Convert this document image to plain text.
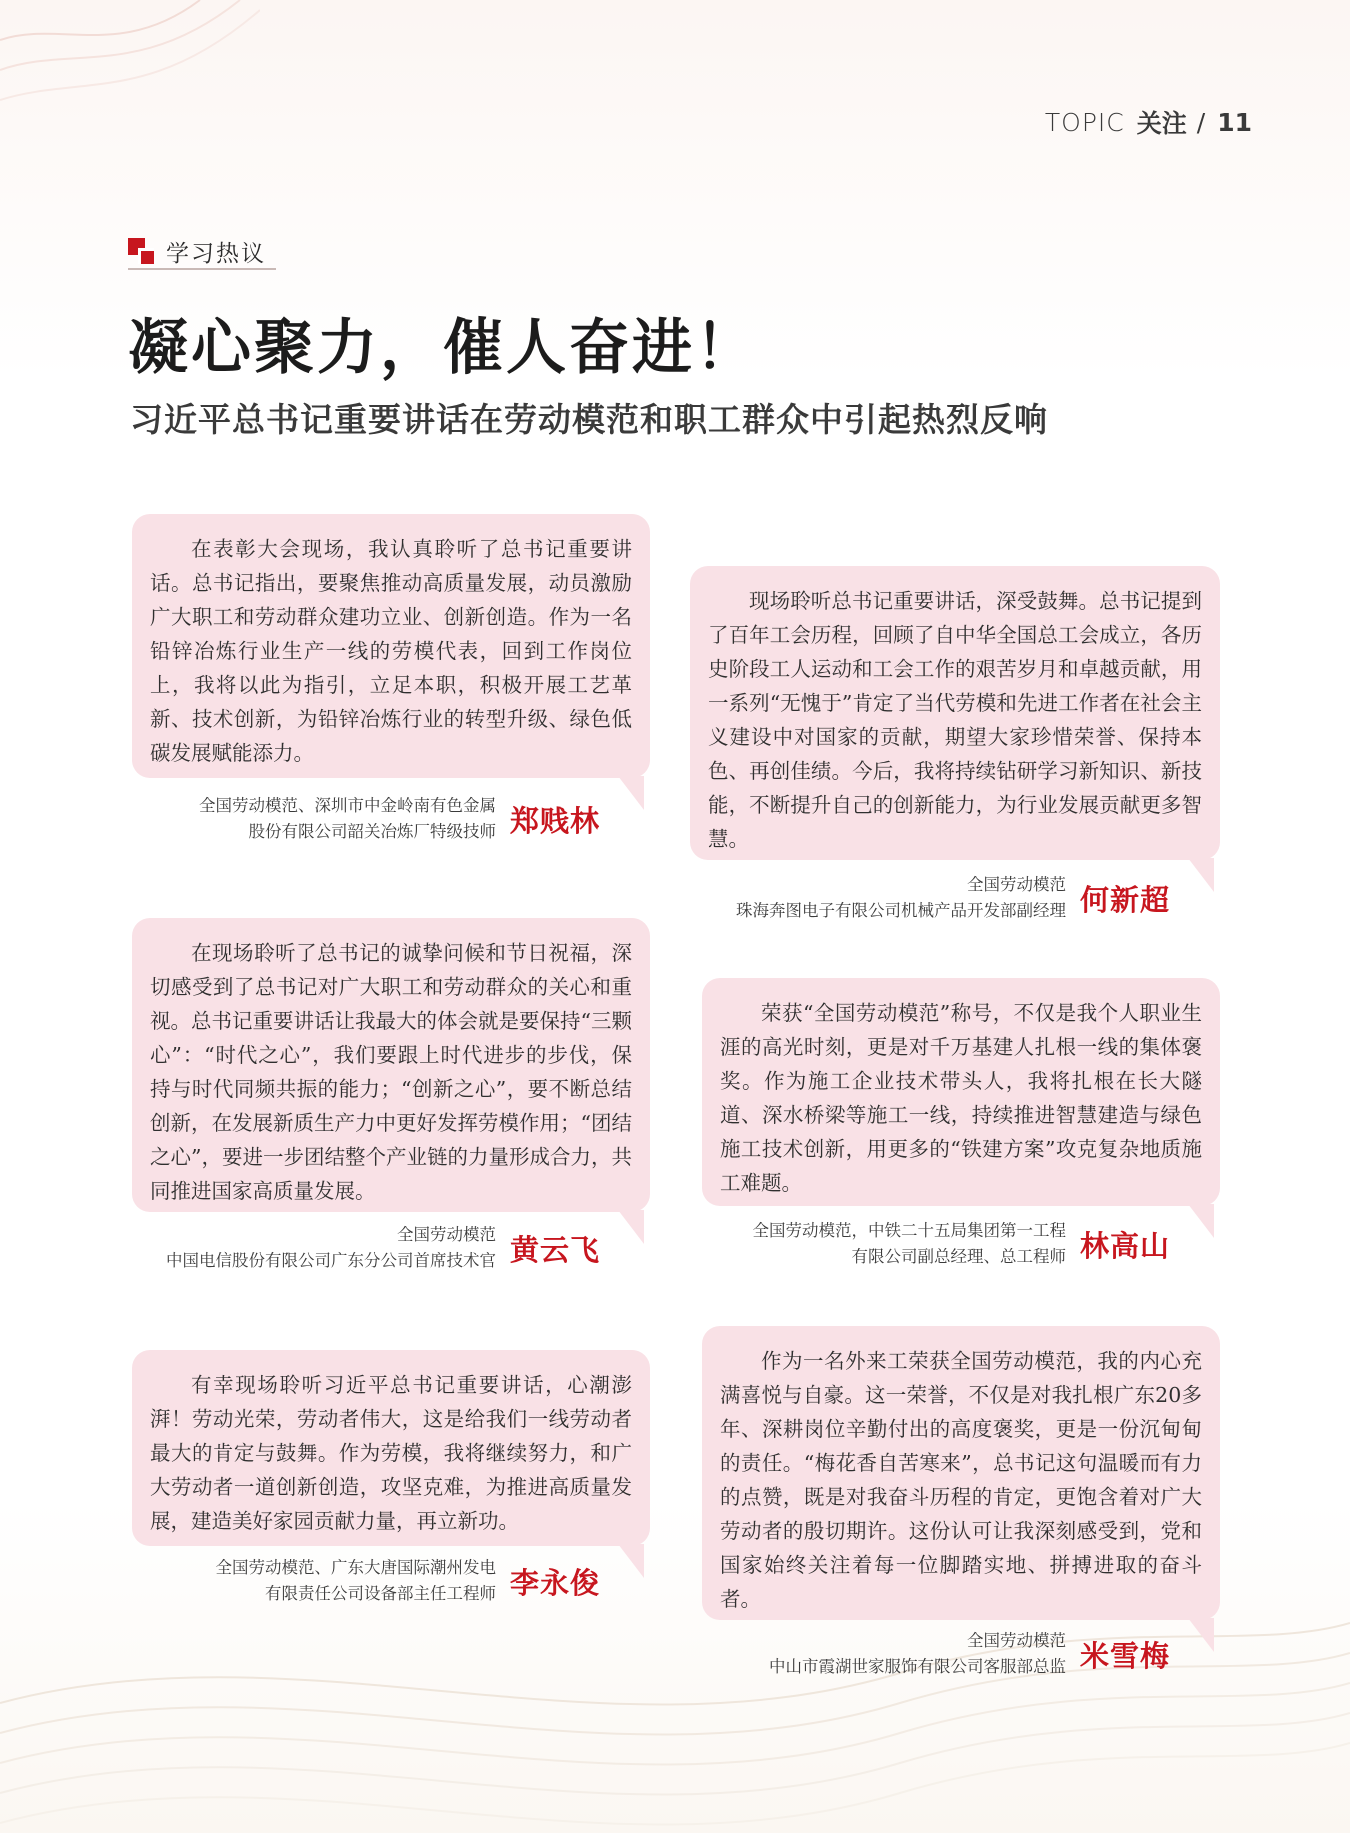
TOPIC 关注 / 11
学习热议
凝心聚力，催人奋进！
习近平总书记重要讲话在劳动模范和职工群众中引起热烈反响

在表彰大会现场，我认真聆听了总书记重要讲话。总书记指出，要聚焦推动高质量发展，动员激励广大职工和劳动群众建功立业、创新创造。作为一名铅锌冶炼行业生产一线的劳模代表，回到工作岗位上，我将以此为指引，立足本职，积极开展工艺革新、技术创新，为铅锌冶炼行业的转型升级、绿色低碳发展赋能添力。

全国劳动模范、深圳市中金岭南有色金属
股份有限公司韶关冶炼厂特级技师 郑贱林

现场聆听总书记重要讲话，深受鼓舞。总书记提到了百年工会历程，回顾了自中华全国总工会成立，各历史阶段工人运动和工会工作的艰苦岁月和卓越贡献，用一系列“无愧于”肯定了当代劳模和先进工作者在社会主义建设中对国家的贡献，期望大家珍惜荣誉、保持本色、再创佳绩。今后，我将持续钻研学习新知识、新技能，不断提升自己的创新能力，为行业发展贡献更多智慧。

全国劳动模范
珠海奔图电子有限公司机械产品开发部副经理 何新超

在现场聆听了总书记的诚挚问候和节日祝福，深切感受到了总书记对广大职工和劳动群众的关心和重视。总书记重要讲话让我最大的体会就是要保持“三颗心”：“时代之心”，我们要跟上时代进步的步伐，保持与时代同频共振的能力；“创新之心”，要不断总结创新，在发展新质生产力中更好发挥劳模作用；“团结之心”，要进一步团结整个产业链的力量形成合力，共同推进国家高质量发展。

全国劳动模范
中国电信股份有限公司广东分公司首席技术官 黄云飞

荣获“全国劳动模范”称号，不仅是我个人职业生涯的高光时刻，更是对千万基建人扎根一线的集体褒奖。作为施工企业技术带头人，我将扎根在长大隧道、深水桥梁等施工一线，持续推进智慧建造与绿色施工技术创新，用更多的“铁建方案”攻克复杂地质施工难题。

全国劳动模范，中铁二十五局集团第一工程
有限公司副总经理、总工程师 林高山

有幸现场聆听习近平总书记重要讲话，心潮澎湃！劳动光荣，劳动者伟大，这是给我们一线劳动者最大的肯定与鼓舞。作为劳模，我将继续努力，和广大劳动者一道创新创造，攻坚克难，为推进高质量发展，建造美好家园贡献力量，再立新功。

全国劳动模范、广东大唐国际潮州发电
有限责任公司设备部主任工程师 李永俊

作为一名外来工荣获全国劳动模范，我的内心充满喜悦与自豪。这一荣誉，不仅是对我扎根广东20多年、深耕岗位辛勤付出的高度褒奖，更是一份沉甸甸的责任。“梅花香自苦寒来”，总书记这句温暖而有力的点赞，既是对我奋斗历程的肯定，更饱含着对广大劳动者的殷切期许。这份认可让我深刻感受到，党和国家始终关注着每一位脚踏实地、拼搏进取的奋斗者。

全国劳动模范
中山市霞湖世家服饰有限公司客服部总监 米雪梅
